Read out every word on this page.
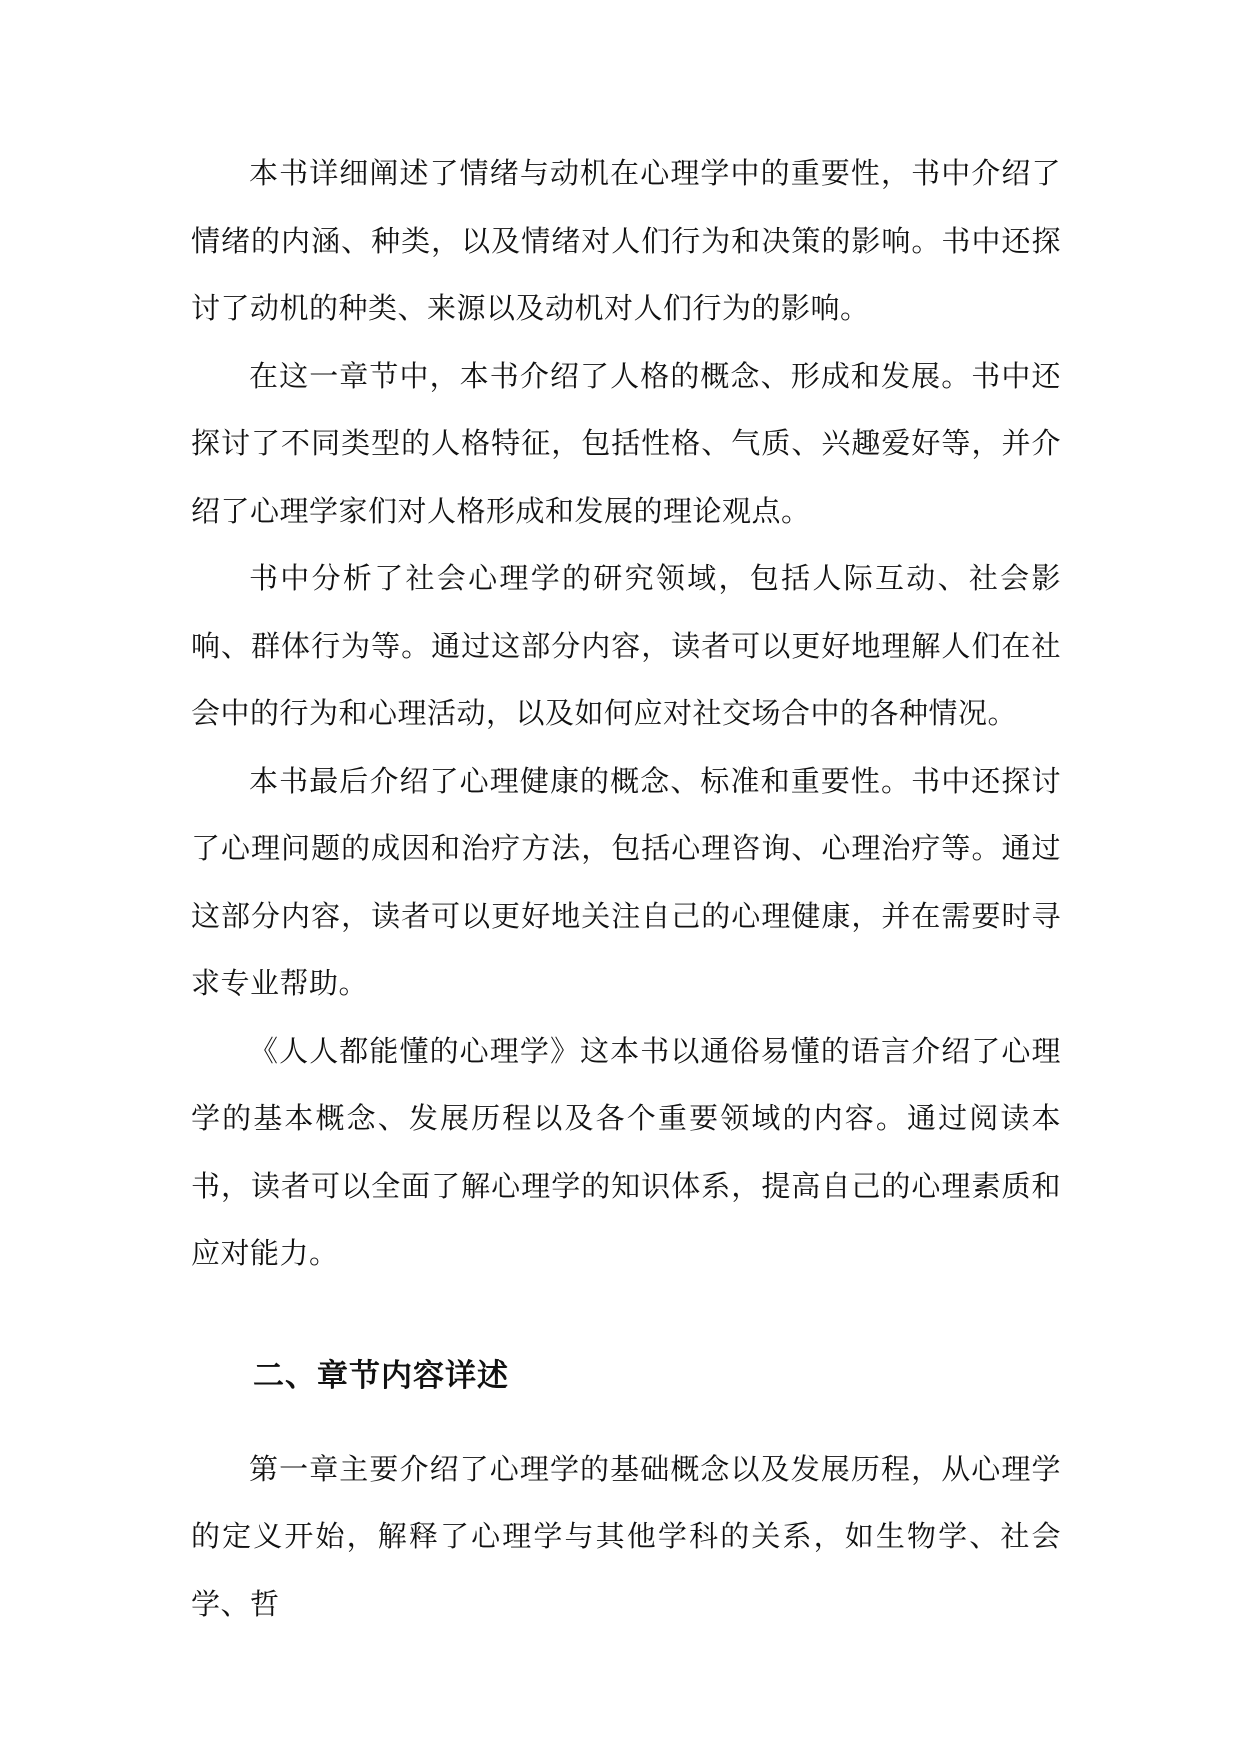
本书详细阐述了情绪与动机在心理学中的重要性，书中介绍了情绪的内涵、种类，以及情绪对人们行为和决策的影响。书中还探讨了动机的种类、来源以及动机对人们行为的影响。

在这一章节中，本书介绍了人格的概念、形成和发展。书中还探讨了不同类型的人格特征，包括性格、气质、兴趣爱好等，并介绍了心理学家们对人格形成和发展的理论观点。

书中分析了社会心理学的研究领域，包括人际互动、社会影响、群体行为等。通过这部分内容，读者可以更好地理解人们在社会中的行为和心理活动，以及如何应对社交场合中的各种情况。

本书最后介绍了心理健康的概念、标准和重要性。书中还探讨了心理问题的成因和治疗方法，包括心理咨询、心理治疗等。通过这部分内容，读者可以更好地关注自己的心理健康，并在需要时寻求专业帮助。

《人人都能懂的心理学》这本书以通俗易懂的语言介绍了心理学的基本概念、发展历程以及各个重要领域的内容。通过阅读本书，读者可以全面了解心理学的知识体系，提高自己的心理素质和应对能力。

二、章节内容详述

第一章主要介绍了心理学的基础概念以及发展历程，从心理学的定义开始，解释了心理学与其他学科的关系，如生物学、社会学、哲
